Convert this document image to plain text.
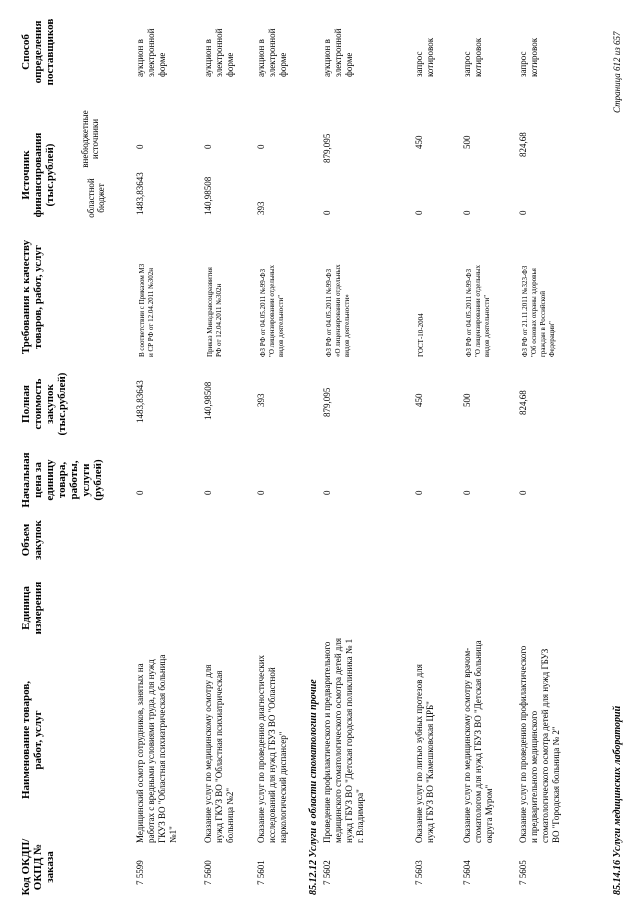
Код ОКДП/ ОКПД № заказа
Наименование товаров, работ, услуг
Единица измерения
Объем закупок
Начальная цена за единицу товара, работы, услуги (рублей)
Полная стоимость закупок (тыс.рублей)
Требования к качеству товаров, работ, услуг
Источник финансирования (тыс.рублей)	областной бюджет
внебюджетные источники
Способ определения поставщиков
7 5599
Медицинский осмотр сотрудников, занятых на работах с вредными условиями труда, для нужд ГКУЗ ВО "Областная психиатрическая больница №1"
0
1483,83643
В соответствии с Приказом МЗ и СР РФ от 12.04.2011 №302н
1483,83643
0
аукцион в электронной форме
7 5600
Оказание услуг по медицинскому осмотру для нужд ГКУЗ ВО "Областная психиатрическая больница №2"
0
140,98508
Приказ Минздравсоцразвития РФ от 12.04.2011 №302н
140,98508
0
аукцион в электронной форме
7 5601
Оказание услуг по проведению диагностических исследований для нужд ГБУЗ ВО "Областной наркологический диспансер"
0
393
ФЗ РФ от 04.05.2011 №99-ФЗ "О лицензировании отдельных видов деятельности"
393
0
аукцион в электронной форме
85.12.12 Услуги в области стоматологии прочие 7 5602
Проведение профилактического и предварительного медицинского стоматологического осмотра детей для нужд ГБУЗ ВО "Детская городская поликлиника № 1 г. Владимира"
0
879,095
ФЗ РФ от 04.05.2011 №99-ФЗ «О лицензировании отдельных видов деятельности»
0
879,095
аукцион в электронной форме
7 5603
Оказание услуг по литью зубных протезов для нужд ГБУЗ ВО "Камешковская ЦРБ"
0
450
ГОСТ-10-2004
0
450
запрос котировок
7 5604
Оказание услуг по медицинскому осмотру врачом-стоматологом для нужд ГБУЗ ВО "Детская больница округа Муром"
0
500
ФЗ РФ от 04.05.2011 №99-ФЗ "О лицензировании отдельных видов деятельности"
0
500
запрос котировок
7 5605
Оказание услуг по проведению профилактического и предварительного медицинского стоматологического осмотра детей для нужд ГБУЗ ВО "Городская больница № 2"
0
824,68
ФЗ РФ от 21.11.2011 №323-ФЗ "Об основах охраны здоровья граждан в Российской Федерации"
0
824,68
запрос котировок
85.14.16 Услуги медицинских лабораторий
Страница 612 из 657
